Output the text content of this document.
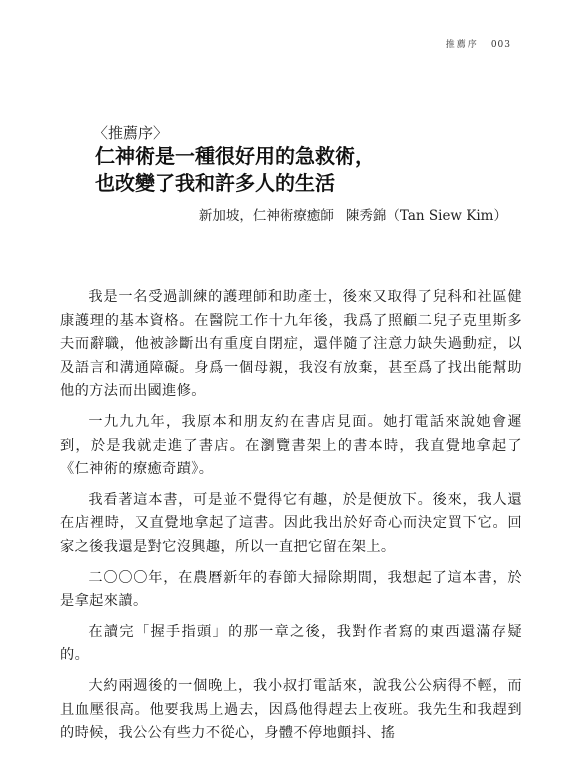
推薦序 003
〈推薦序〉
仁神術是一種很好用的急救術，
也改變了我和許多人的生活
新加坡，仁神術療癒師 陳秀錦（Tan Siew Kim）

我是一名受過訓練的護理師和助產士，後來又取得了兒科和社區健康護理的基本資格。在醫院工作十九年後，我爲了照顧二兒子克里斯多夫而辭職，他被診斷出有重度自閉症，還伴隨了注意力缺失過動症，以及語言和溝通障礙。身爲一個母親，我沒有放棄，甚至爲了找出能幫助他的方法而出國進修。

一九九九年，我原本和朋友約在書店見面。她打電話來說她會遲到，於是我就走進了書店。在瀏覽書架上的書本時，我直覺地拿起了《仁神術的療癒奇蹟》。

我看著這本書，可是並不覺得它有趣，於是便放下。後來，我人還在店裡時，又直覺地拿起了這書。因此我出於好奇心而決定買下它。回家之後我還是對它沒興趣，所以一直把它留在架上。

二〇〇〇年，在農曆新年的春節大掃除期間，我想起了這本書，於是拿起來讀。

在讀完「握手指頭」的那一章之後，我對作者寫的東西還滿存疑的。

大約兩週後的一個晚上，我小叔打電話來，說我公公病得不輕，而且血壓很高。他要我馬上過去，因爲他得趕去上夜班。我先生和我趕到的時候，我公公有些力不從心，身體不停地顫抖、搖
